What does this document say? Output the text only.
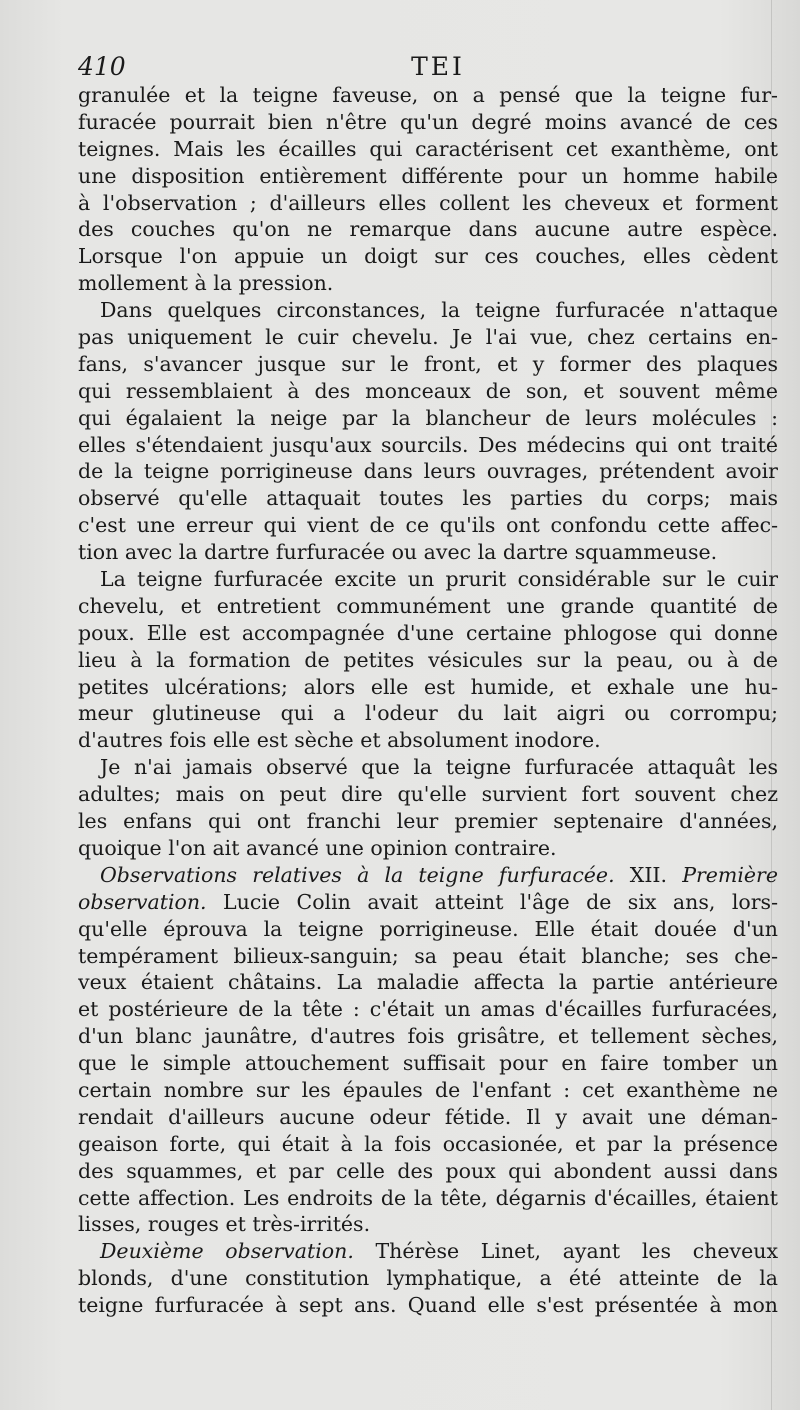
410	TEI
granulée et la teigne faveuse, on a pensé que la teigne fur-
furacée pourrait bien n'être qu'un degré moins avancé de ces
teignes. Mais les écailles qui caractérisent cet exanthème, ont
une disposition entièrement différente pour un homme habile
à l'observation ; d'ailleurs elles collent les cheveux et forment
des couches qu'on ne remarque dans aucune autre espèce.
Lorsque l'on appuie un doigt sur ces couches, elles cèdent
mollement à la pression.
Dans quelques circonstances, la teigne furfuracée n'attaque
pas uniquement le cuir chevelu. Je l'ai vue, chez certains en-
fans, s'avancer jusque sur le front, et y former des plaques
qui ressemblaient à des monceaux de son, et souvent même
qui égalaient la neige par la blancheur de leurs molécules :
elles s'étendaient jusqu'aux sourcils. Des médecins qui ont traité
de la teigne porrigineuse dans leurs ouvrages, prétendent avoir
observé qu'elle attaquait toutes les parties du corps; mais
c'est une erreur qui vient de ce qu'ils ont confondu cette affec-
tion avec la dartre furfuracée ou avec la dartre squammeuse.
La teigne furfuracée excite un prurit considérable sur le cuir
chevelu, et entretient communément une grande quantité de
poux. Elle est accompagnée d'une certaine phlogose qui donne
lieu à la formation de petites vésicules sur la peau, ou à de
petites ulcérations; alors elle est humide, et exhale une hu-
meur glutineuse qui a l'odeur du lait aigri ou corrompu;
d'autres fois elle est sèche et absolument inodore.
Je n'ai jamais observé que la teigne furfuracée attaquât les
adultes; mais on peut dire qu'elle survient fort souvent chez
les enfans qui ont franchi leur premier septenaire d'années,
quoique l'on ait avancé une opinion contraire.
Observations relatives à la teigne furfuracée. XII. Première
observation. Lucie Colin avait atteint l'âge de six ans, lors-
qu'elle éprouva la teigne porrigineuse. Elle était douée d'un
tempérament bilieux-sanguin; sa peau était blanche; ses che-
veux étaient châtains. La maladie affecta la partie antérieure
et postérieure de la tête : c'était un amas d'écailles furfuracées,
d'un blanc jaunâtre, d'autres fois grisâtre, et tellement sèches,
que le simple attouchement suffisait pour en faire tomber un
certain nombre sur les épaules de l'enfant : cet exanthème ne
rendait d'ailleurs aucune odeur fétide. Il y avait une déman-
geaison forte, qui était à la fois occasionée, et par la présence
des squammes, et par celle des poux qui abondent aussi dans
cette affection. Les endroits de la tête, dégarnis d'écailles, étaient
lisses, rouges et très-irrités.
Deuxième observation. Thérèse Linet, ayant les cheveux
blonds, d'une constitution lymphatique, a été atteinte de la
teigne furfuracée à sept ans. Quand elle s'est présentée à mon
